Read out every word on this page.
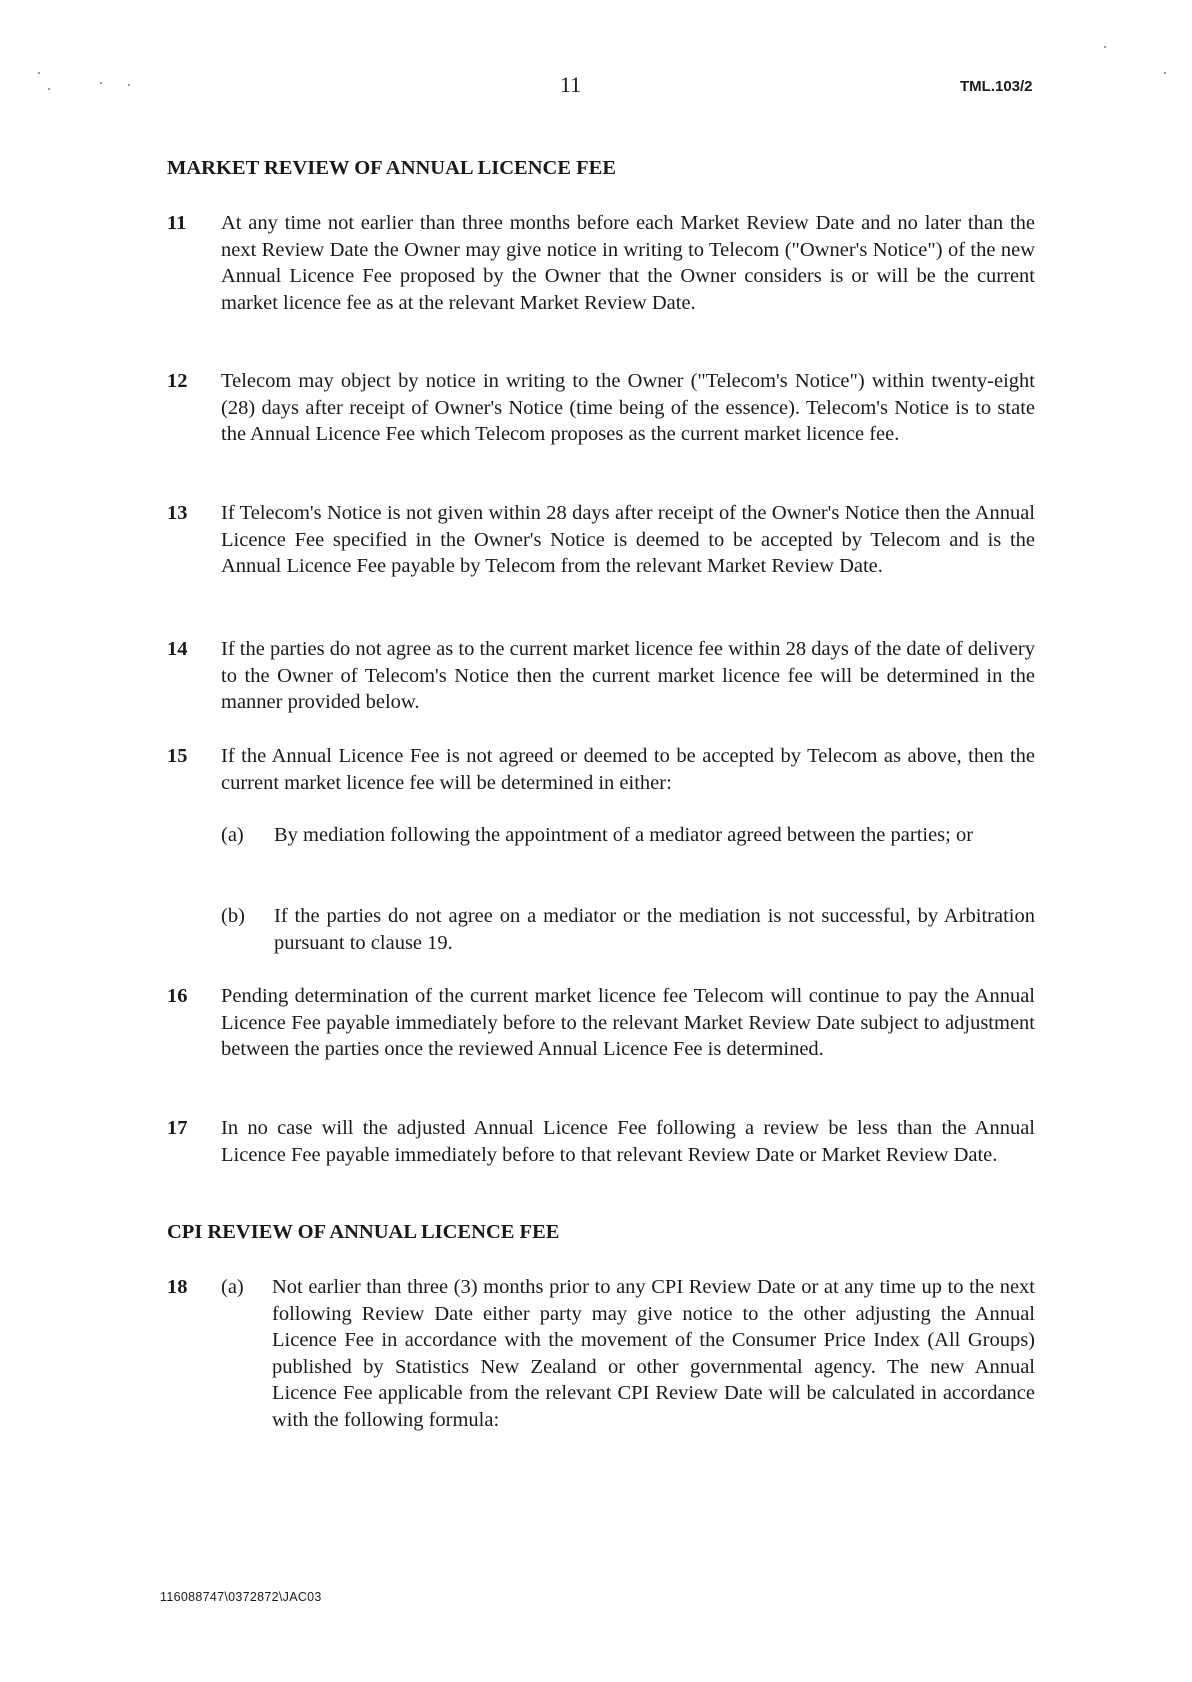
11	TML.103/2
MARKET REVIEW OF ANNUAL LICENCE FEE
11 At any time not earlier than three months before each Market Review Date and no later than the next Review Date the Owner may give notice in writing to Telecom ("Owner's Notice") of the new Annual Licence Fee proposed by the Owner that the Owner considers is or will be the current market licence fee as at the relevant Market Review Date.
12 Telecom may object by notice in writing to the Owner ("Telecom's Notice") within twenty-eight (28) days after receipt of Owner's Notice (time being of the essence). Telecom's Notice is to state the Annual Licence Fee which Telecom proposes as the current market licence fee.
13 If Telecom's Notice is not given within 28 days after receipt of the Owner's Notice then the Annual Licence Fee specified in the Owner's Notice is deemed to be accepted by Telecom and is the Annual Licence Fee payable by Telecom from the relevant Market Review Date.
14 If the parties do not agree as to the current market licence fee within 28 days of the date of delivery to the Owner of Telecom's Notice then the current market licence fee will be determined in the manner provided below.
15 If the Annual Licence Fee is not agreed or deemed to be accepted by Telecom as above, then the current market licence fee will be determined in either:
(a) By mediation following the appointment of a mediator agreed between the parties; or
(b) If the parties do not agree on a mediator or the mediation is not successful, by Arbitration pursuant to clause 19.
16 Pending determination of the current market licence fee Telecom will continue to pay the Annual Licence Fee payable immediately before to the relevant Market Review Date subject to adjustment between the parties once the reviewed Annual Licence Fee is determined.
17 In no case will the adjusted Annual Licence Fee following a review be less than the Annual Licence Fee payable immediately before to that relevant Review Date or Market Review Date.
CPI REVIEW OF ANNUAL LICENCE FEE
18 (a) Not earlier than three (3) months prior to any CPI Review Date or at any time up to the next following Review Date either party may give notice to the other adjusting the Annual Licence Fee in accordance with the movement of the Consumer Price Index (All Groups) published by Statistics New Zealand or other governmental agency. The new Annual Licence Fee applicable from the relevant CPI Review Date will be calculated in accordance with the following formula:
116088747\0372872\JAC03
